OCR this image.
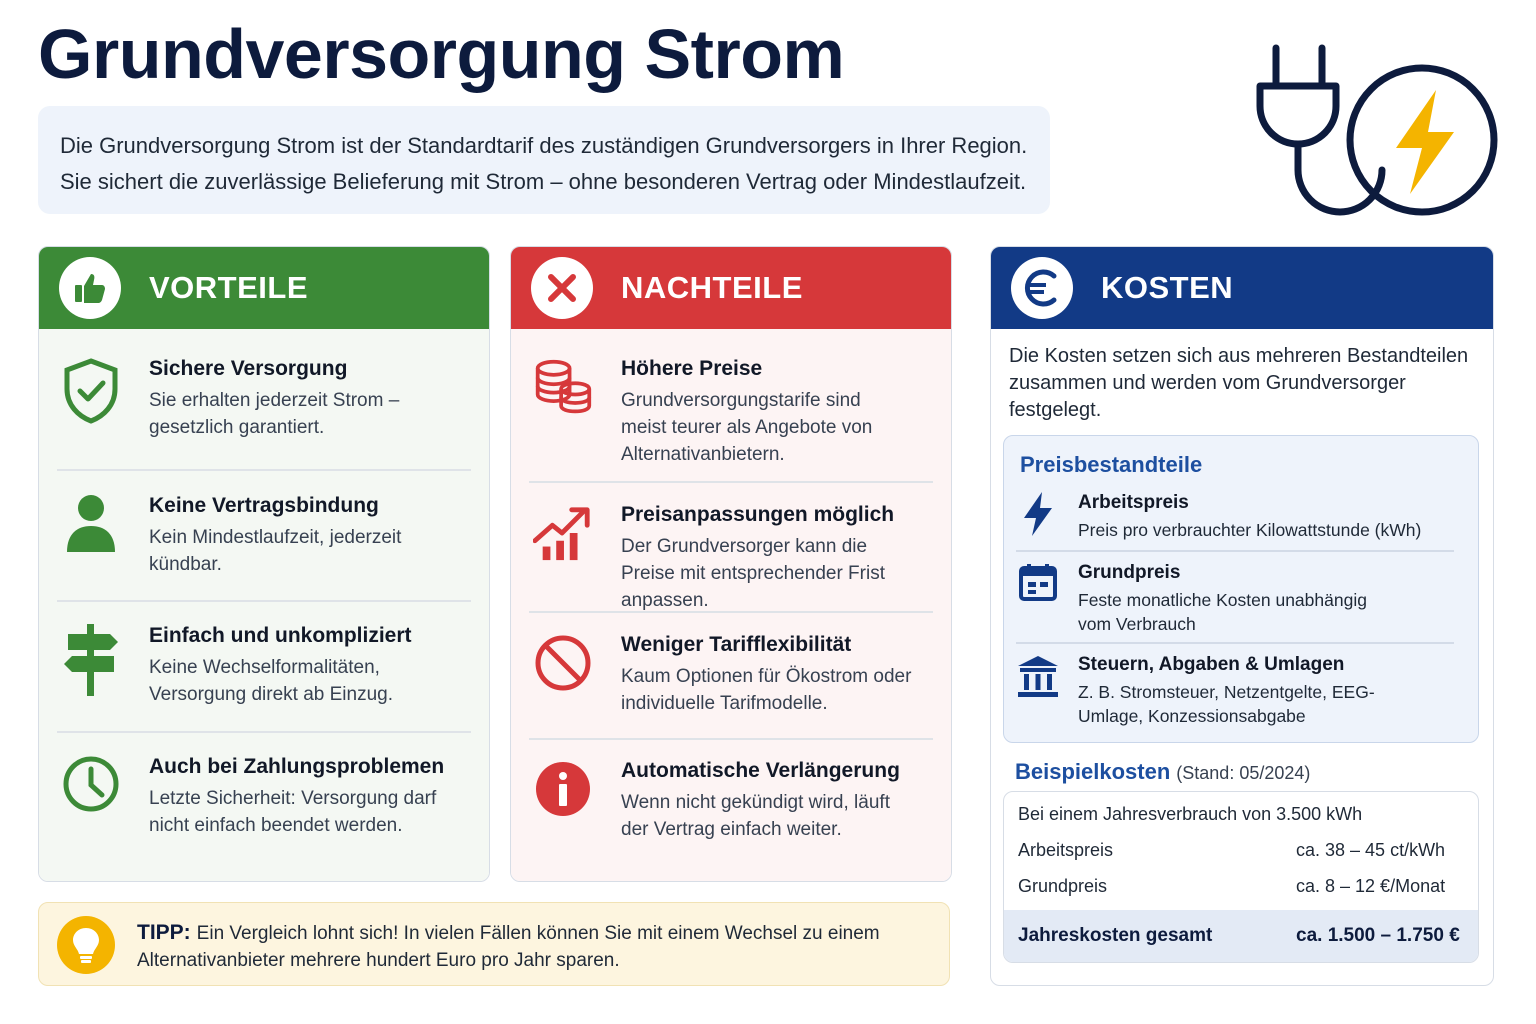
Grundversorgung Strom

Die Grundversorgung Strom ist der Standardtarif des zuständigen Grundversorgers in Ihrer Region.

Sie sichert die zuverlässige Belieferung mit Strom – ohne besonderen Vertrag oder Mindestlaufzeit.

VORTEILE
Sichere Versorgung
Sie erhalten jederzeit Strom – gesetzlich garantiert.
Keine Vertragsbindung
Kein Mindestlaufzeit, jederzeit kündbar.
Einfach und unkompliziert
Keine Wechselformalitäten, Versorgung direkt ab Einzug.
Auch bei Zahlungsproblemen
Letzte Sicherheit: Versorgung darf nicht einfach beendet werden.
NACHTEILE
Höhere Preise
Grundversorgungstarife sind meist teurer als Angebote von Alternativanbietern.
Preisanpassungen möglich
Der Grundversorger kann die Preise mit entsprechender Frist anpassen.
Weniger Tarifflexibilität
Kaum Optionen für Ökostrom oder individuelle Tarifmodelle.
Automatische Verlängerung
Wenn nicht gekündigt wird, läuft der Vertrag einfach weiter.
KOSTEN
Die Kosten setzen sich aus mehreren Bestandteilen zusammen und werden vom Grundversorger festgelegt.
Preisbestandteile
Arbeitspreis
Preis pro verbrauchter Kilowattstunde (kWh)
Grundpreis
Feste monatliche Kosten unabhängig vom Verbrauch
Steuern, Abgaben & Umlagen
Z. B. Stromsteuer, Netzentgelte, EEG-Umlage, Konzessionsabgabe
Beispielkosten (Stand: 05/2024)
Bei einem Jahresverbrauch von 3.500 kWh
Arbeitspreis	ca. 38 – 45 ct/kWh
Grundpreis	ca. 8 – 12 €/Monat
Jahreskosten gesamt	ca. 1.500 – 1.750 €
TIPP: Ein Vergleich lohnt sich! In vielen Fällen können Sie mit einem Wechsel zu einem Alternativanbieter mehrere hundert Euro pro Jahr sparen.
